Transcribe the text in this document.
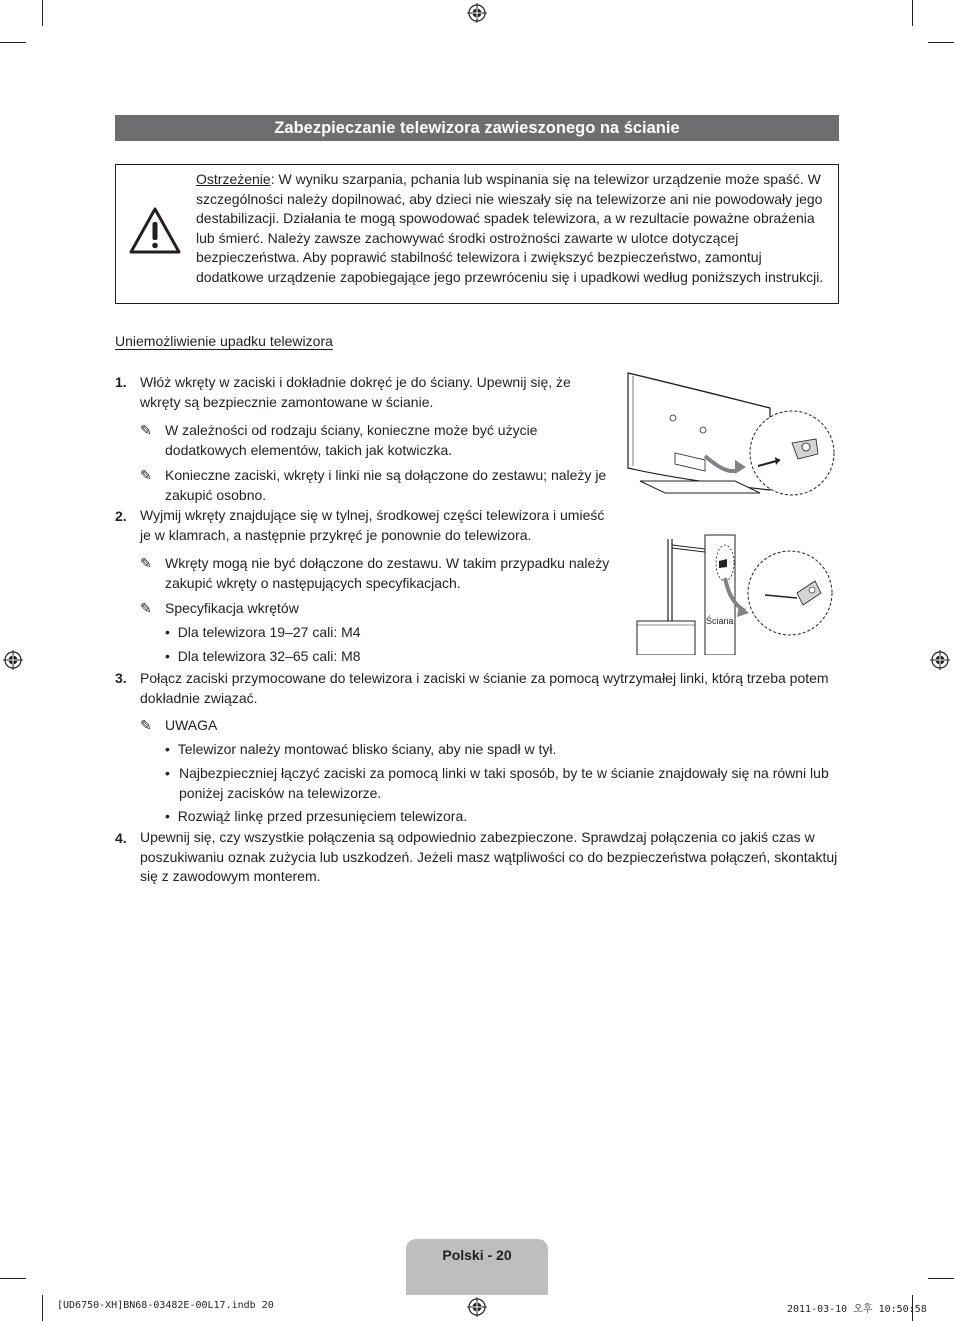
Zabezpieczanie telewizora zawieszonego na ścianie
Ostrzeżenie: W wyniku szarpania, pchania lub wspinania się na telewizor urządzenie może spaść. W szczególności należy dopilnować, aby dzieci nie wieszały się na telewizorze ani nie powodowały jego destabilizacji. Działania te mogą spowodować spadek telewizora, a w rezultacie poważne obrażenia lub śmierć. Należy zawsze zachowywać środki ostrożności zawarte w ulotce dotyczącej bezpieczeństwa. Aby poprawić stabilność telewizora i zwiększyć bezpieczeństwo, zamontuj dodatkowe urządzenie zapobiegające jego przewróceniu się i upadkowi według poniższych instrukcji.
Uniemożliwienie upadku telewizora
1. Włóż wkręty w zaciski i dokładnie dokręć je do ściany. Upewnij się, że wkręty są bezpiecznie zamontowane w ścianie.
✎ W zależności od rodzaju ściany, konieczne może być użycie dodatkowych elementów, takich jak kotwiczka.
✎ Konieczne zaciski, wkręty i linki nie są dołączone do zestawu; należy je zakupić osobno.
2. Wyjmij wkręty znajdujące się w tylnej, środkowej części telewizora i umieść je w klamrach, a następnie przykręć je ponownie do telewizora.
✎ Wkręty mogą nie być dołączone do zestawu. W takim przypadku należy zakupić wkręty o następujących specyfikacjach.
✎ Specyfikacja wkrętów
•  Dla telewizora 19–27 cali: M4
•  Dla telewizora 32–65 cali: M8
3. Połącz zaciski przymocowane do telewizora i zaciski w ścianie za pomocą wytrzymałej linki, którą trzeba potem dokładnie związać.
✎ UWAGA
•  Telewizor należy montować blisko ściany, aby nie spadł w tył.
• Najbezpieczniej łączyć zaciski za pomocą linki w taki sposób, by te w ścianie znajdowały się na równi lub poniżej zacisków na telewizorze.
•  Rozwiąż linkę przed przesunięciem telewizora.
4. Upewnij się, czy wszystkie połączenia są odpowiednio zabezpieczone. Sprawdzaj połączenia co jakiś czas w poszukiwaniu oznak zużycia lub uszkodzeń. Jeżeli masz wątpliwości co do bezpieczeństwa połączeń, skontaktuj się z zawodowym monterem.
Ściana
Polski - 20
[UD6750-XH]BN68-03482E-00L17.indb 20	2011-03-10 오후 10:50:58
